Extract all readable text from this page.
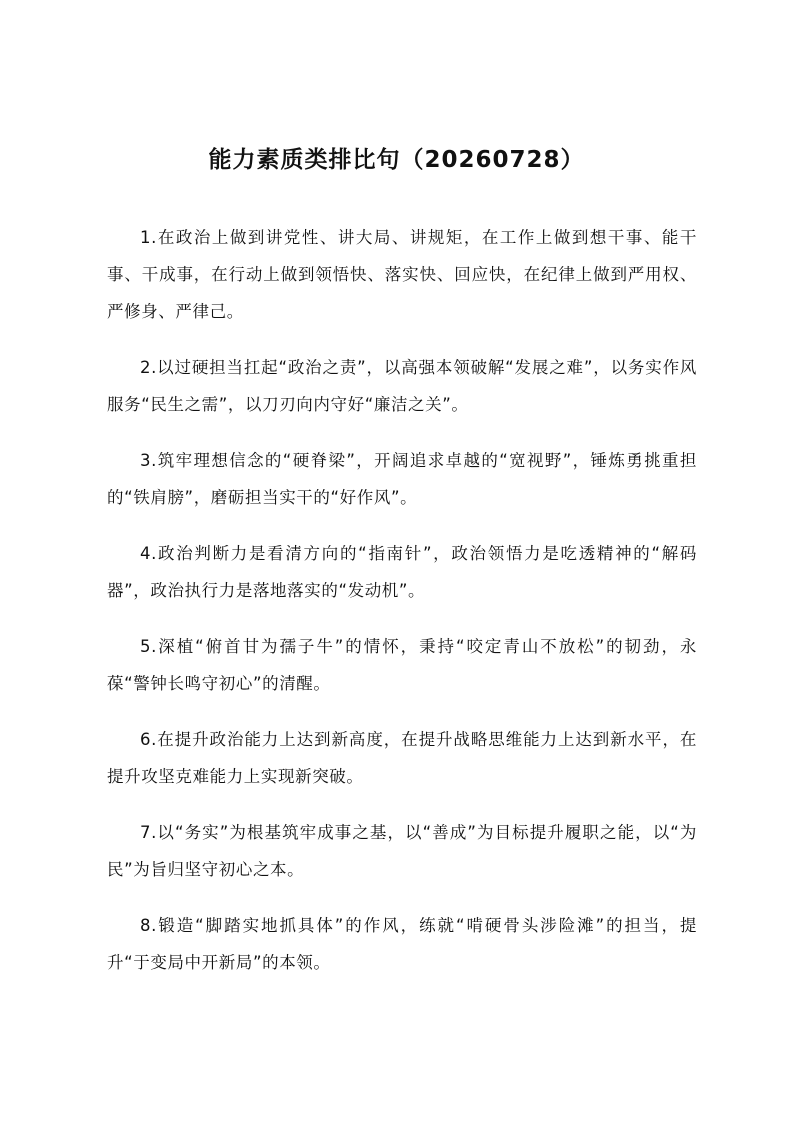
能力素质类排比句（20260728）

1.在政治上做到讲党性、讲大局、讲规矩，在工作上做到想干事、能干事、干成事，在行动上做到领悟快、落实快、回应快，在纪律上做到严用权、严修身、严律己。

2.以过硬担当扛起“政治之责”，以高强本领破解“发展之难”，以务实作风服务“民生之需”，以刀刃向内守好“廉洁之关”。

3.筑牢理想信念的“硬脊梁”，开阔追求卓越的“宽视野”，锤炼勇挑重担的“铁肩膀”，磨砺担当实干的“好作风”。

4.政治判断力是看清方向的“指南针”，政治领悟力是吃透精神的“解码器”，政治执行力是落地落实的“发动机”。

5.深植“俯首甘为孺子牛”的情怀，秉持“咬定青山不放松”的韧劲，永葆“警钟长鸣守初心”的清醒。

6.在提升政治能力上达到新高度，在提升战略思维能力上达到新水平，在提升攻坚克难能力上实现新突破。

7.以“务实”为根基筑牢成事之基，以“善成”为目标提升履职之能，以“为民”为旨归坚守初心之本。

8.锻造“脚踏实地抓具体”的作风，练就“啃硬骨头涉险滩”的担当，提升“于变局中开新局”的本领。
